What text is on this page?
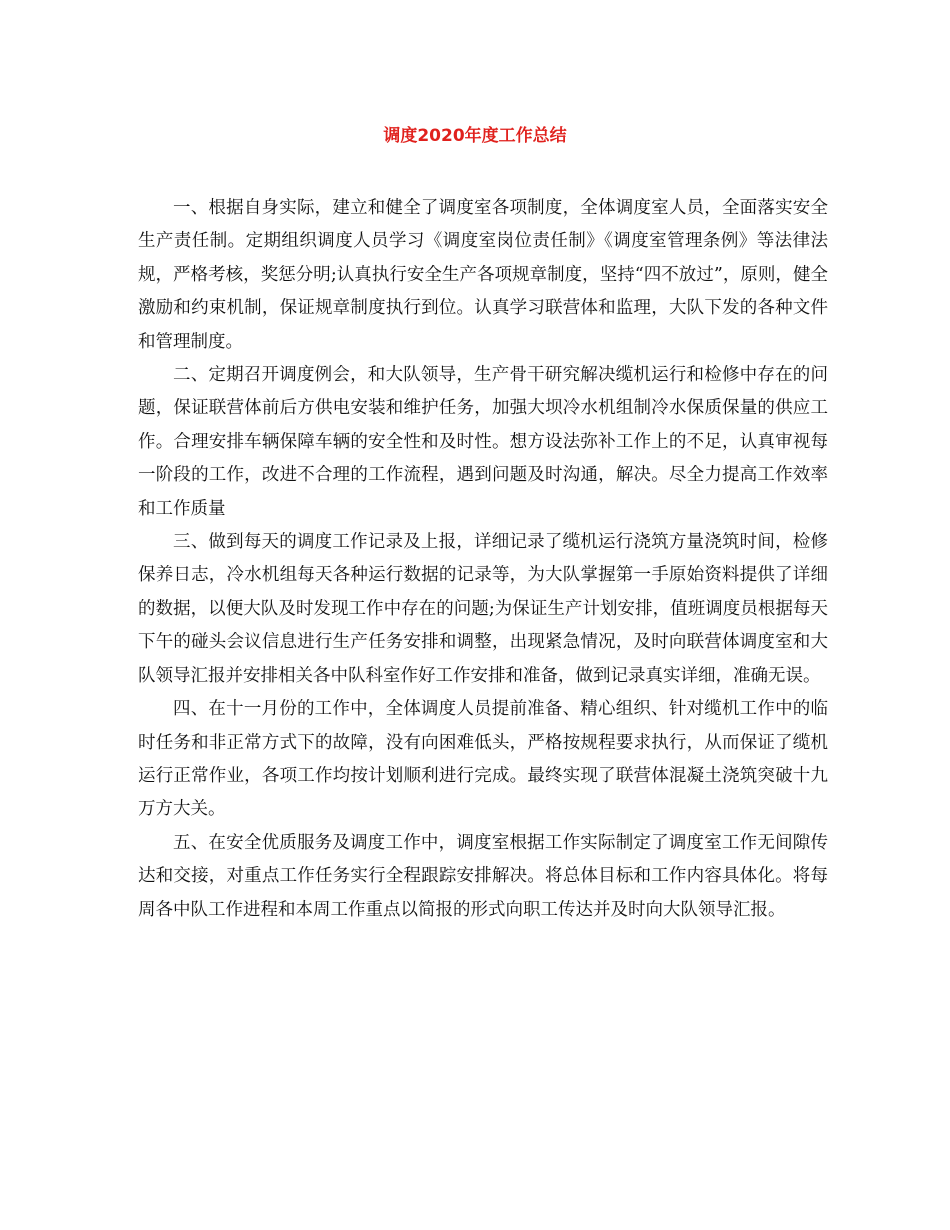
调度2020年度工作总结

一、根据自身实际，建立和健全了调度室各项制度，全体调度室人员，全面落实安全生产责任制。定期组织调度人员学习《调度室岗位责任制》《调度室管理条例》等法律法规，严格考核，奖惩分明;认真执行安全生产各项规章制度，坚持“四不放过”，原则，健全激励和约束机制，保证规章制度执行到位。认真学习联营体和监理，大队下发的各种文件和管理制度。

二、定期召开调度例会，和大队领导，生产骨干研究解决缆机运行和检修中存在的问题，保证联营体前后方供电安装和维护任务，加强大坝冷水机组制冷水保质保量的供应工作。合理安排车辆保障车辆的安全性和及时性。想方设法弥补工作上的不足，认真审视每一阶段的工作，改进不合理的工作流程，遇到问题及时沟通，解决。尽全力提高工作效率和工作质量

三、做到每天的调度工作记录及上报，详细记录了缆机运行浇筑方量浇筑时间，检修保养日志，冷水机组每天各种运行数据的记录等，为大队掌握第一手原始资料提供了详细的数据，以便大队及时发现工作中存在的问题;为保证生产计划安排，值班调度员根据每天下午的碰头会议信息进行生产任务安排和调整，出现紧急情况，及时向联营体调度室和大队领导汇报并安排相关各中队科室作好工作安排和准备，做到记录真实详细，准确无误。

四、在十一月份的工作中，全体调度人员提前准备、精心组织、针对缆机工作中的临时任务和非正常方式下的故障，没有向困难低头，严格按规程要求执行，从而保证了缆机运行正常作业，各项工作均按计划顺利进行完成。最终实现了联营体混凝土浇筑突破十九万方大关。

五、在安全优质服务及调度工作中，调度室根据工作实际制定了调度室工作无间隙传达和交接，对重点工作任务实行全程跟踪安排解决。将总体目标和工作内容具体化。将每周各中队工作进程和本周工作重点以简报的形式向职工传达并及时向大队领导汇报。
